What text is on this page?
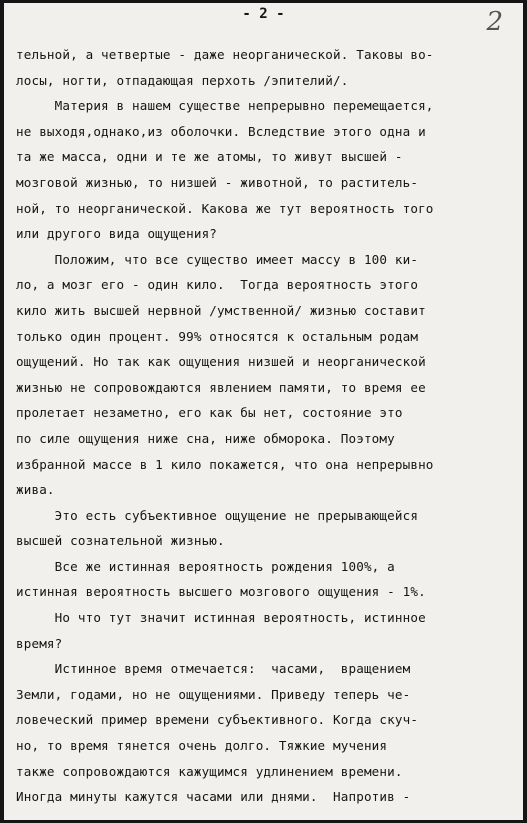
- 2 -	2
тельной, а четвертые - даже неорганической. Таковы во-
лосы, ногти, отпадающая перхоть /эпителий/.
Материя в нашем существе непрерывно перемещается,
не выходя,однако,из оболочки. Вследствие этого одна и
та же масса, одни и те же атомы, то живут высшей -
мозговой жизнью, то низшей - животной, то раститель-
ной, то неорганической. Какова же тут вероятность того
или другого вида ощущения?
Положим, что все существо имеет массу в 100 ки-
ло, а мозг его - один кило.  Тогда вероятность этого
кило жить высшей нервной /умственной/ жизнью составит
только один процент. 99% относятся к остальным родам
ощущений. Но так как ощущения низшей и неорганической
жизнью не сопровождаются явлением памяти, то время ее
пролетает незаметно, его как бы нет, состояние это
по силе ощущения ниже сна, ниже обморока. Поэтому
избранной массе в 1 кило покажется, что она непрерывно
жива.
Это есть субъективное ощущение не прерывающейся
высшей сознательной жизнью.
Все же истинная вероятность рождения 100%, а
истинная вероятность высшего мозгового ощущения - 1%.
Но что тут значит истинная вероятность, истинное
время?
Истинное время отмечается:  часами,  вращением
Земли, годами, но не ощущениями. Приведу теперь че-
ловеческий пример времени субъективного. Когда скуч-
но, то время тянется очень долго. Тяжкие мучения
также сопровождаются кажущимся удлинением времени.
Иногда минуты кажутся часами или днями.  Напротив -
